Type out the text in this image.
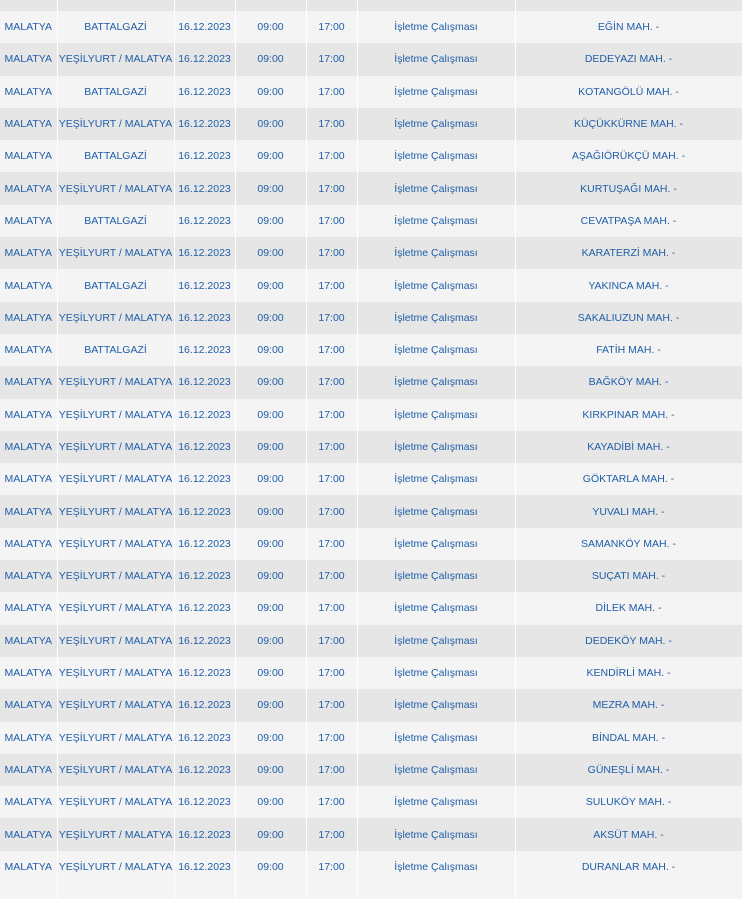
MALATYA	BATTALGAZİ	16.12.2023	09:00	17:00	İşletme Çalışması	EĞİN MAH. -
MALATYA	YEŞİLYURT / MALATYA	16.12.2023	09:00	17:00	İşletme Çalışması	DEDEYAZI MAH. -
MALATYA	BATTALGAZİ	16.12.2023	09:00	17:00	İşletme Çalışması	KOTANGÖLÜ MAH. -
MALATYA	YEŞİLYURT / MALATYA	16.12.2023	09:00	17:00	İşletme Çalışması	KÜÇÜKKÜRNE MAH. -
MALATYA	BATTALGAZİ	16.12.2023	09:00	17:00	İşletme Çalışması	AŞAĞIÖRÜKÇÜ MAH. -
MALATYA	YEŞİLYURT / MALATYA	16.12.2023	09:00	17:00	İşletme Çalışması	KURTUŞAĞI MAH. -
MALATYA	BATTALGAZİ	16.12.2023	09:00	17:00	İşletme Çalışması	CEVATPAŞA MAH. -
MALATYA	YEŞİLYURT / MALATYA	16.12.2023	09:00	17:00	İşletme Çalışması	KARATERZİ MAH. -
MALATYA	BATTALGAZİ	16.12.2023	09:00	17:00	İşletme Çalışması	YAKINCA MAH. -
MALATYA	YEŞİLYURT / MALATYA	16.12.2023	09:00	17:00	İşletme Çalışması	SAKALIUZUN MAH. -
MALATYA	BATTALGAZİ	16.12.2023	09:00	17:00	İşletme Çalışması	FATİH MAH. -
MALATYA	YEŞİLYURT / MALATYA	16.12.2023	09:00	17:00	İşletme Çalışması	BAĞKÖY MAH. -
MALATYA	YEŞİLYURT / MALATYA	16.12.2023	09:00	17:00	İşletme Çalışması	KIRKPINAR MAH. -
MALATYA	YEŞİLYURT / MALATYA	16.12.2023	09:00	17:00	İşletme Çalışması	KAYADİBİ MAH. -
MALATYA	YEŞİLYURT / MALATYA	16.12.2023	09:00	17:00	İşletme Çalışması	GÖKTARLA MAH. -
MALATYA	YEŞİLYURT / MALATYA	16.12.2023	09:00	17:00	İşletme Çalışması	YUVALI MAH. -
MALATYA	YEŞİLYURT / MALATYA	16.12.2023	09:00	17:00	İşletme Çalışması	SAMANKÖY MAH. -
MALATYA	YEŞİLYURT / MALATYA	16.12.2023	09:00	17:00	İşletme Çalışması	SUÇATI MAH. -
MALATYA	YEŞİLYURT / MALATYA	16.12.2023	09:00	17:00	İşletme Çalışması	DİLEK MAH. -
MALATYA	YEŞİLYURT / MALATYA	16.12.2023	09:00	17:00	İşletme Çalışması	DEDEKÖY MAH. -
MALATYA	YEŞİLYURT / MALATYA	16.12.2023	09:00	17:00	İşletme Çalışması	KENDİRLİ MAH. -
MALATYA	YEŞİLYURT / MALATYA	16.12.2023	09:00	17:00	İşletme Çalışması	MEZRA MAH. -
MALATYA	YEŞİLYURT / MALATYA	16.12.2023	09:00	17:00	İşletme Çalışması	BİNDAL MAH. -
MALATYA	YEŞİLYURT / MALATYA	16.12.2023	09:00	17:00	İşletme Çalışması	GÜNEŞLİ MAH. -
MALATYA	YEŞİLYURT / MALATYA	16.12.2023	09:00	17:00	İşletme Çalışması	SULUKÖY MAH. -
MALATYA	YEŞİLYURT / MALATYA	16.12.2023	09:00	17:00	İşletme Çalışması	AKSÜT MAH. -
MALATYA	YEŞİLYURT / MALATYA	16.12.2023	09:00	17:00	İşletme Çalışması	DURANLAR MAH. -
